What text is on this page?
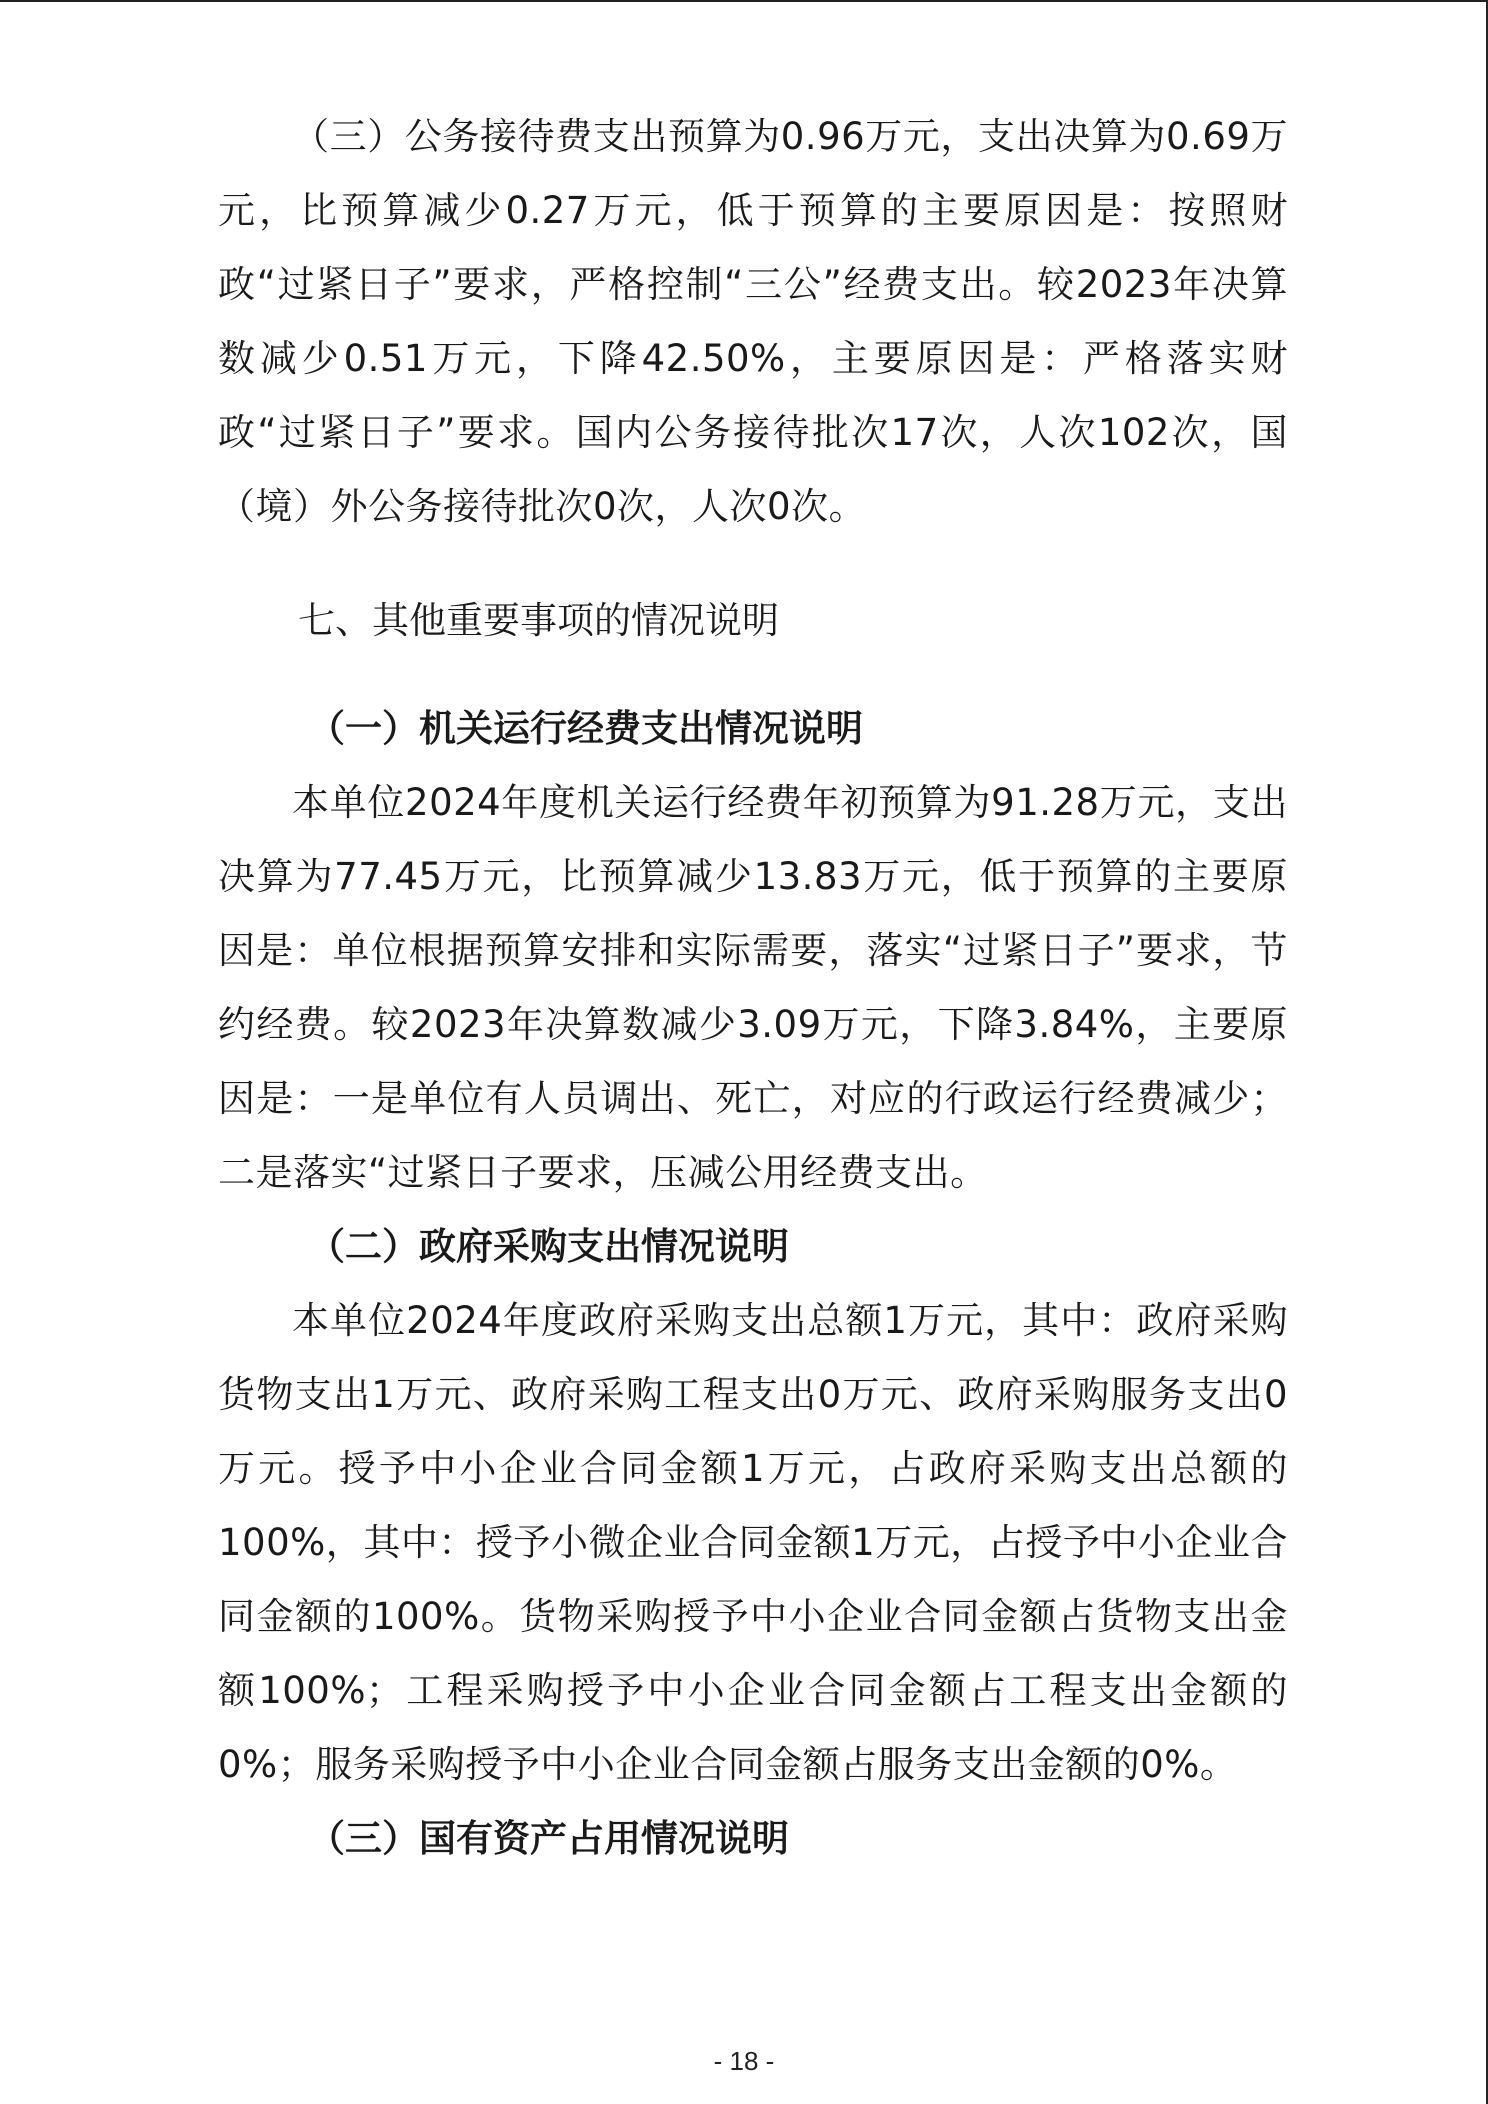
（三）公务接待费支出预算为0.96万元，支出决算为0.69万元，比预算减少0.27万元，低于预算的主要原因是：按照财政“过紧日子”要求，严格控制“三公”经费支出。较2023年决算数减少0.51万元，下降42.50%，主要原因是：严格落实财政“过紧日子”要求。国内公务接待批次17次，人次102次，国（境）外公务接待批次0次，人次0次。

七、其他重要事项的情况说明

（一）机关运行经费支出情况说明

本单位2024年度机关运行经费年初预算为91.28万元，支出决算为77.45万元，比预算减少13.83万元，低于预算的主要原因是：单位根据预算安排和实际需要，落实“过紧日子”要求，节约经费。较2023年决算数减少3.09万元，下降3.84%，主要原因是：一是单位有人员调出、死亡，对应的行政运行经费减少；二是落实“过紧日子要求，压减公用经费支出。

（二）政府采购支出情况说明

本单位2024年度政府采购支出总额1万元，其中：政府采购货物支出1万元、政府采购工程支出0万元、政府采购服务支出0万元。授予中小企业合同金额1万元，占政府采购支出总额的100%，其中：授予小微企业合同金额1万元，占授予中小企业合同金额的100%。货物采购授予中小企业合同金额占货物支出金额100%；工程采购授予中小企业合同金额占工程支出金额的0%；服务采购授予中小企业合同金额占服务支出金额的0%。

（三）国有资产占用情况说明

- 18 -
